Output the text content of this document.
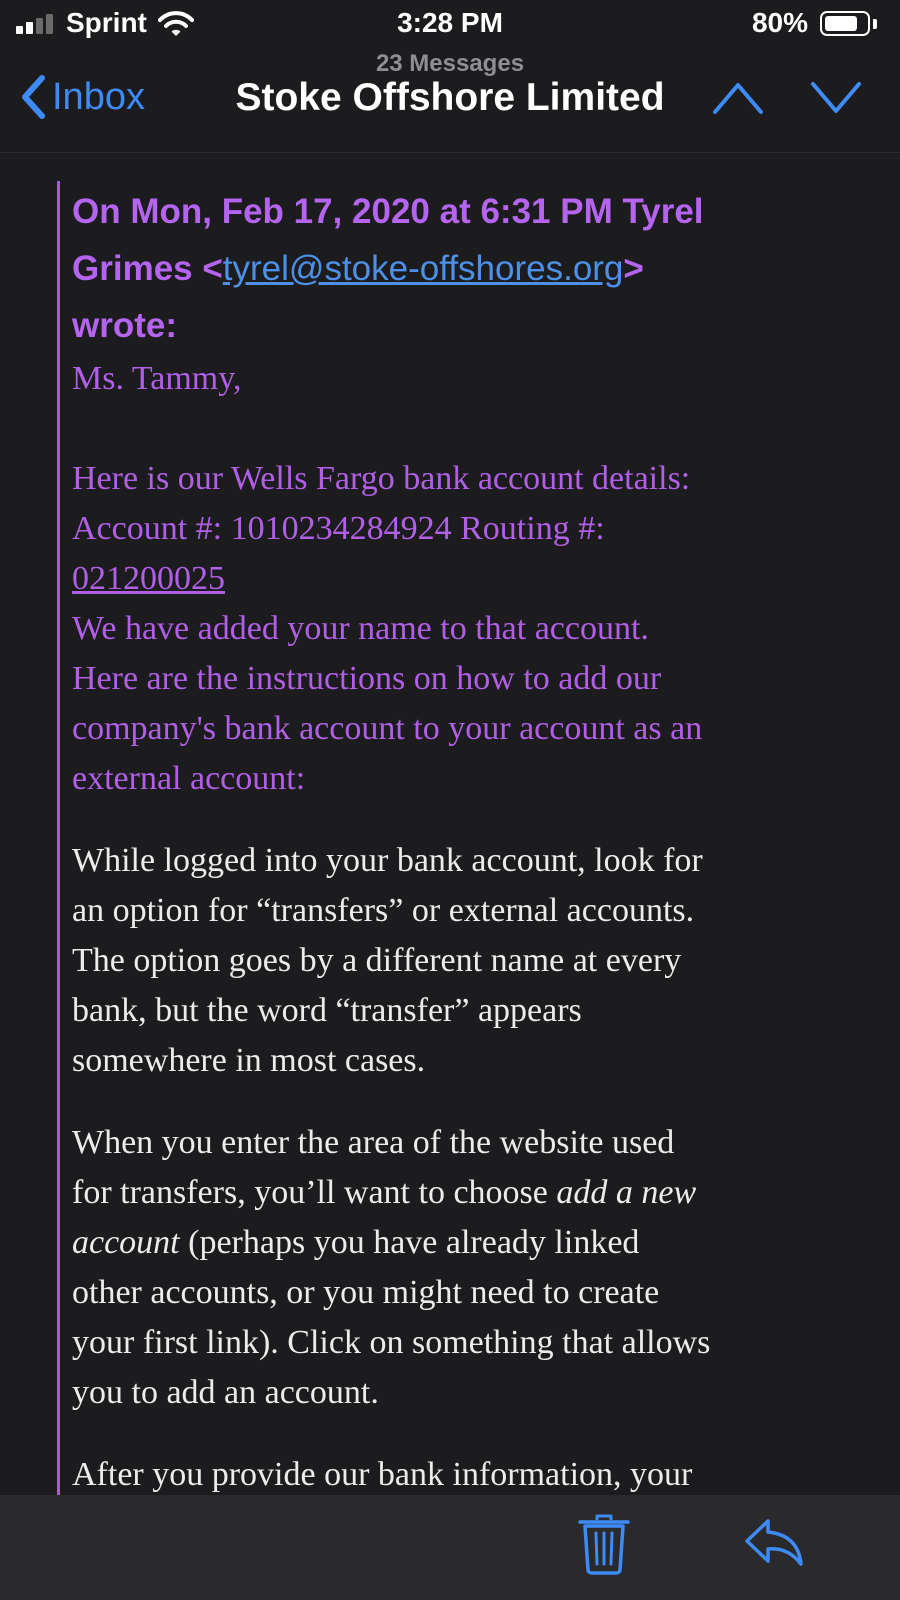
Sprint	3:28 PM	80%
Inbox
23 Messages
Stoke Offshore Limited

On Mon, Feb 17, 2020 at 6:31 PM Tyrel
Grimes <tyrel@stoke-offshores.org>
wrote:

Ms. Tammy,

Here is our Wells Fargo bank account details:
Account #: 1010234284924 Routing #:
021200025
We have added your name to that account.
Here are the instructions on how to add our
company's bank account to your account as an
external account:

While logged into your bank account, look for
an option for “transfers” or external accounts.
The option goes by a different name at every
bank, but the word “transfer” appears
somewhere in most cases.

When you enter the area of the website used
for transfers, you’ll want to choose add a new
account (perhaps you have already linked
other accounts, or you might need to create
your first link). Click on something that allows
you to add an account.

After you provide our bank information, your
